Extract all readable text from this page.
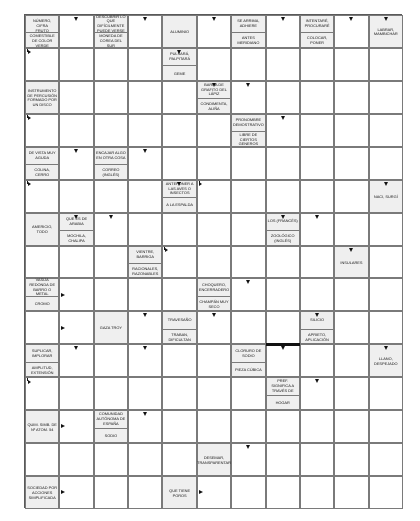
NÚMERO, CIFRA
FRUTO COMESTIBLE DE COLOR VERDE
DESCUBRIR LO QUE DIFÍCILMENTE PUEDE VERSE
MONEDA DE COREA DEL SUR
ALUMINIO
SE ARRIMA, ADHIERE
ANTES MERIDIANO
INTENTARÉ, PROCURARÉ
COLOCAR, PONER
LABRAR, MAMBICHAR
PULSARÁ, PALPITARÁ
GEME
INSTRUMENTO DE PERCUSIÓN FORMADO POR UN DISCO
BARRA DE GRAFITO DEL LÁPIZ
CONDIMENTA, ALIÑA
PRONOMBRE DEMOSTRATIVO
LIBRE DE CIERTOS GENEROS
DE VISTA MUY AGUDA
COLINA, CERRO
ENCAJAR ALGO EN OTRA COSA
CORREO (INGLÉS)
ANTEPONER A LAS AVES O INSECTOS
A LA ESPALDA
NACI, SURGÍ
AMERICIO, TODO
QUE ES DE ARABIA
MOCHILA, CHALIPA
LOS (FRANCÉS)
ZOOLÓGICO (INGLÉS)
VIENTRE, BARRIGA
RACIONALES, RAZONABLES
INSULARES
VASIJA REDONDA DE BARRO O METAL
CROMO
CHOQUERO, ENCERRADERO
CHAMPÁN MUY SECO
GAZA TROY
TRAVESAÑO
TRABAN, DIFICULTAN
SILICIO
APRIETO, APLICACIÓN
SUPLICAR, IMPLORAR
AMPLITUD, EXTENSIÓN
CLORURO DE SODIO
PIEZA CÚBICA
LLANO, DESPEJADO
PREF. SIGNIFICA A TRAVÉS DE
HOGAR
QUIM. SIMB. DE Nº ATOM. 54
COMUNIDAD AUTÓNOMA DE ESPAÑA
SODIO
DESEMAR, TRANSPARENTAR
SOCIEDAD POR ACCIONES SIMPLIFICADA
QUE TIENE POROS
